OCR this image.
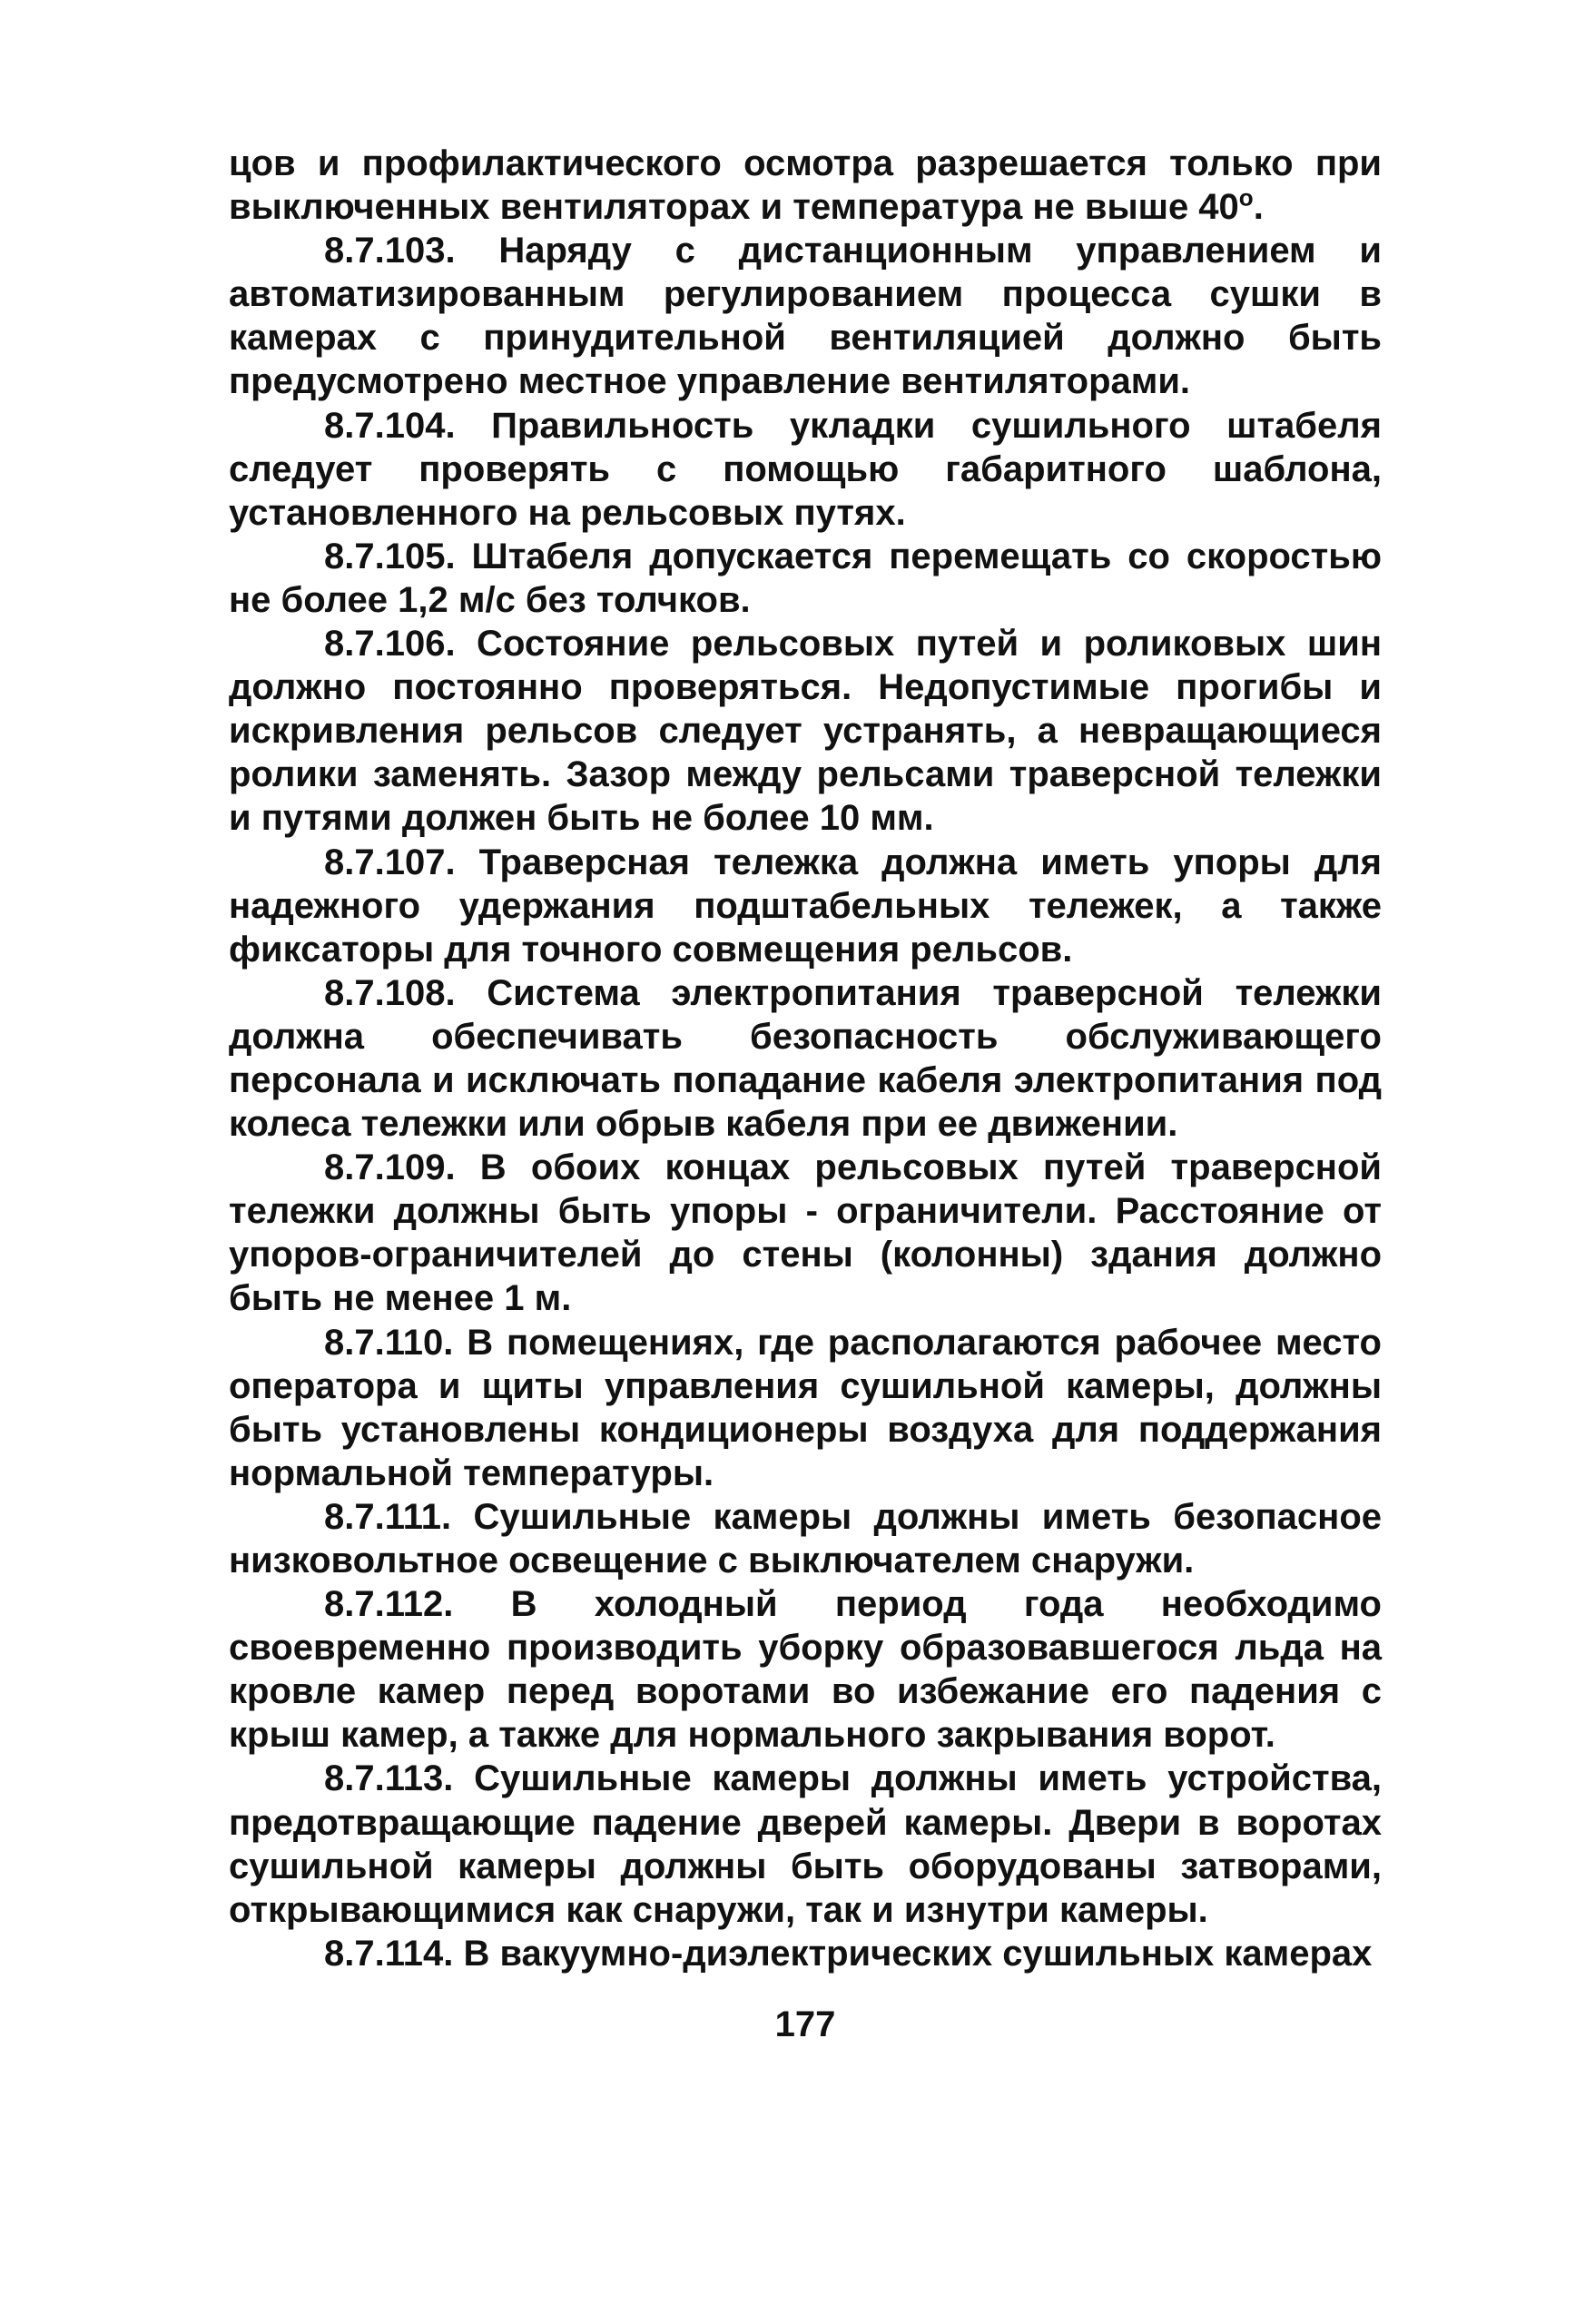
цов и профилактического осмотра разрешается только при выключенных вентиляторах и температура не выше $40^о$.

8.7.103. Наряду с дистанционным управлением и автоматизированным регулированием процесса сушки в камерах с принудительной вентиляцией должно быть предусмотрено местное управление вентиляторами.

8.7.104. Правильность укладки сушильного штабеля следует проверять с помощью габаритного шаблона, установленного на рельсовых путях.

8.7.105. Штабеля допускается перемещать со скоростью не более 1,2 м/с без толчков.

8.7.106. Состояние рельсовых путей и роликовых шин должно постоянно проверяться. Недопустимые прогибы и искривления рельсов следует устранять, а невращающиеся ролики заменять. Зазор между рельсами траверсной тележки и путями должен быть не более 10 мм.

8.7.107. Траверсная тележка должна иметь упоры для надежного удержания подштабельных тележек, а также фиксаторы для точного совмещения рельсов.

8.7.108. Система электропитания траверсной тележки должна обеспечивать безопасность обслуживающего персонала и исключать попадание кабеля электропитания под колеса тележки или обрыв кабеля при ее движении.

8.7.109. В обоих концах рельсовых путей траверсной тележки должны быть упоры - ограничители. Расстояние от упоров-ограничителей до стены (колонны) здания должно быть не менее 1 м.

8.7.110. В помещениях, где располагаются рабочее место оператора и щиты управления сушильной камеры, должны быть установлены кондиционеры воздуха для поддержания нормальной температуры.

8.7.111. Сушильные камеры должны иметь безопасное низковольтное освещение с выключателем снаружи.

8.7.112. В холодный период года необходимо своевременно производить уборку образовавшегося льда на кровле камер перед воротами во избежание его падения с крыш камер, а также для нормального закрывания ворот.

8.7.113. Сушильные камеры должны иметь устройства, предотвращающие падение дверей камеры. Двери в воротах сушильной камеры должны быть оборудованы затворами, открывающимися как снаружи, так и изнутри камеры.

8.7.114. В вакуумно-диэлектрических сушильных камерах

177
